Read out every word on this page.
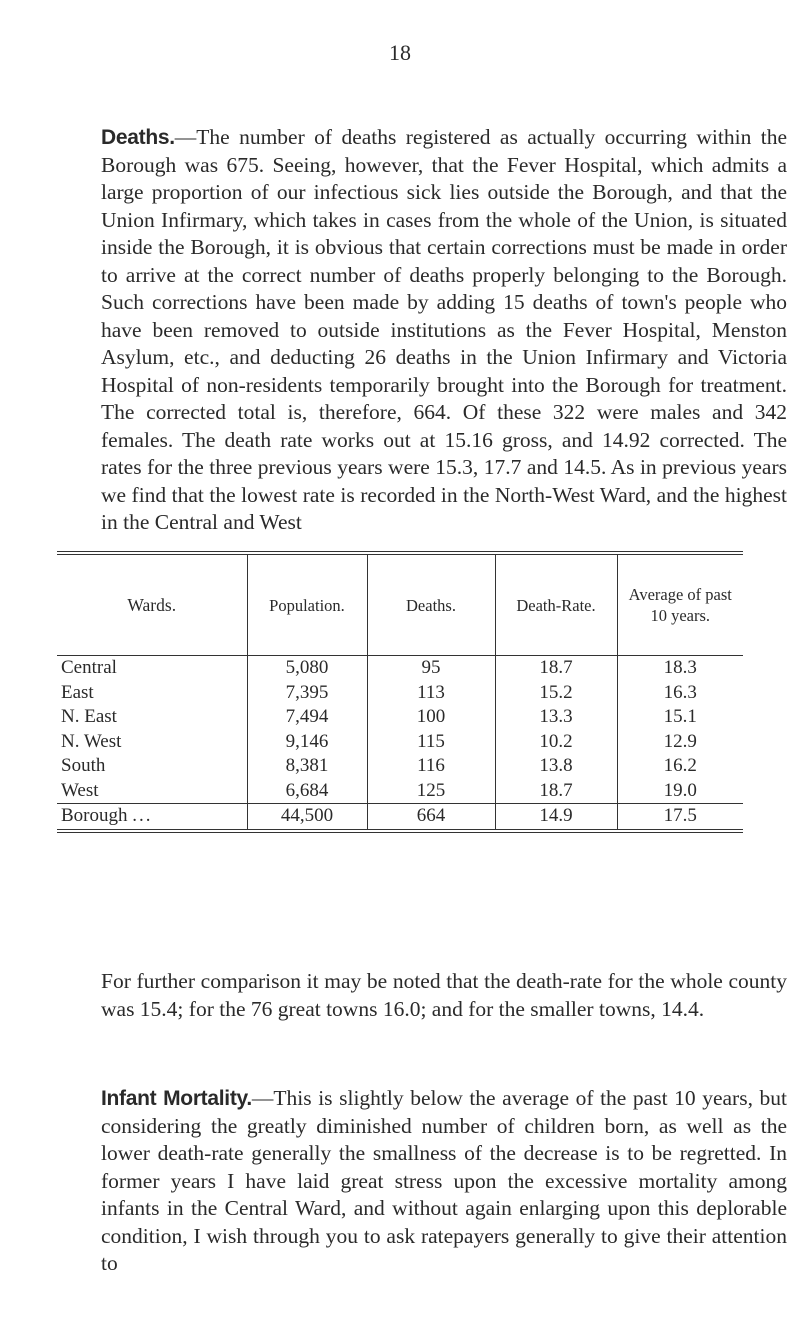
18

Deaths.—The number of deaths registered as actually occurring within the Borough was 675. Seeing, however, that the Fever Hospital, which admits a large proportion of our infectious sick lies outside the Borough, and that the Union Infirmary, which takes in cases from the whole of the Union, is situated inside the Borough, it is obvious that certain corrections must be made in order to arrive at the correct number of deaths properly belonging to the Borough. Such corrections have been made by adding 15 deaths of town's people who have been removed to outside institutions as the Fever Hospital, Menston Asylum, etc., and deducting 26 deaths in the Union Infirmary and Victoria Hospital of non-residents temporarily brought into the Borough for treatment. The corrected total is, therefore, 664. Of these 322 were males and 342 females. The death rate works out at 15.16 gross, and 14.92 corrected. The rates for the three previous years were 15.3, 17.7 and 14.5. As in previous years we find that the lowest rate is recorded in the North-West Ward, and the highest in the Central and West

Wards.	Population.	Deaths.	Death-Rate.	Average of past 10 years.
Central	5,080	95	18.7	18.3
East	7,395	113	15.2	16.3
N. East	7,494	100	13.3	15.1
N. West	9,146	115	10.2	12.9
South	8,381	116	13.8	16.2
West	6,684	125	18.7	19.0
Borough ...	44,500	664	14.9	17.5

For further comparison it may be noted that the death-rate for the whole county was 15.4; for the 76 great towns 16.0; and for the smaller towns, 14.4.

Infant Mortality.—This is slightly below the average of the past 10 years, but considering the greatly diminished number of children born, as well as the lower death-rate generally the smallness of the decrease is to be regretted. In former years I have laid great stress upon the excessive mortality among infants in the Central Ward, and without again enlarging upon this deplorable condition, I wish through you to ask ratepayers generally to give their attention to
